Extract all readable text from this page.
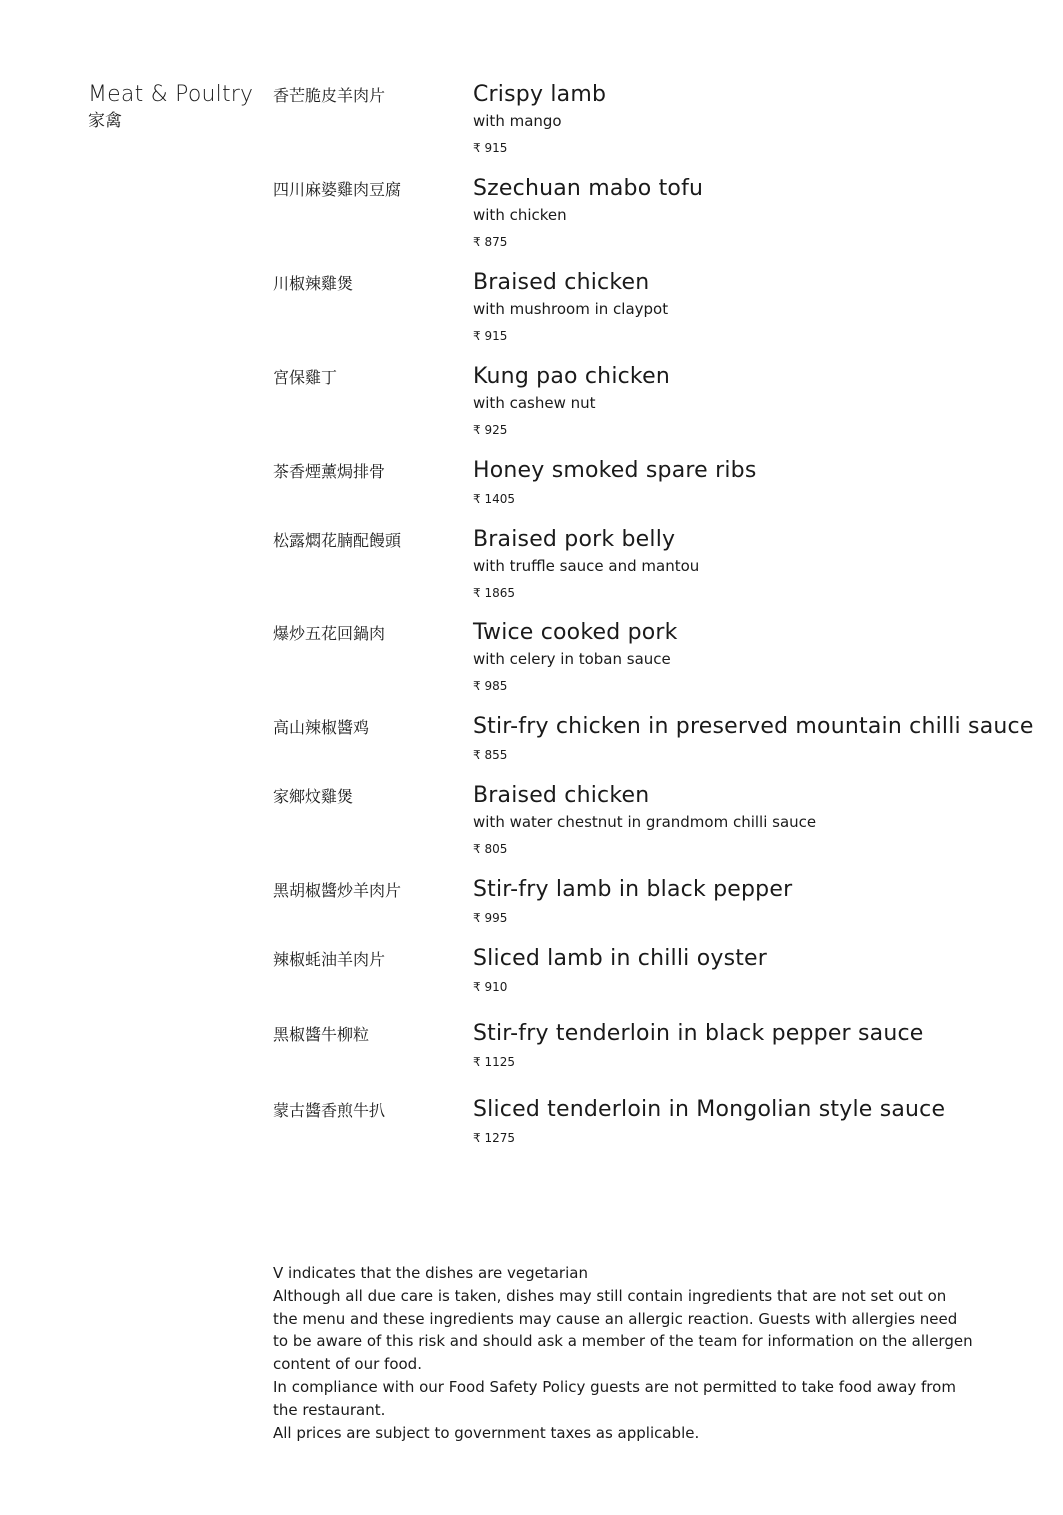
Meat & Poultry
家禽
香芒脆皮羊肉片	Crispy lamb
with mango
₹ 915
四川麻婆雞肉豆腐	Szechuan mabo tofu
with chicken
₹ 875
川椒辣雞煲	Braised chicken
with mushroom in claypot
₹ 915
宮保雞丁	Kung pao chicken
with cashew nut
₹ 925
茶香煙薰焗排骨	Honey smoked spare ribs
₹ 1405
松露燜花腩配饅頭	Braised pork belly
with truffle sauce and mantou
₹ 1865
爆炒五花回鍋肉	Twice cooked pork
with celery in toban sauce
₹ 985
高山辣椒醬鸡	Stir-fry chicken in preserved mountain chilli sauce
₹ 855
家鄉炆雞煲	Braised chicken
with water chestnut in grandmom chilli sauce
₹ 805
黑胡椒醬炒羊肉片	Stir-fry lamb in black pepper
₹ 995
辣椒蚝油羊肉片	Sliced lamb in chilli oyster
₹ 910
黑椒醬牛柳粒	Stir-fry tenderloin in black pepper sauce
₹ 1125
蒙古醬香煎牛扒	Sliced tenderloin in Mongolian style sauce
₹ 1275

V indicates that the dishes are vegetarian

Although all due care is taken, dishes may still contain ingredients that are not set out on the menu and these ingredients may cause an allergic reaction. Guests with allergies need to be aware of this risk and should ask a member of the team for information on the allergen content of our food.

In compliance with our Food Safety Policy guests are not permitted to take food away from the restaurant.

All prices are subject to government taxes as applicable.
